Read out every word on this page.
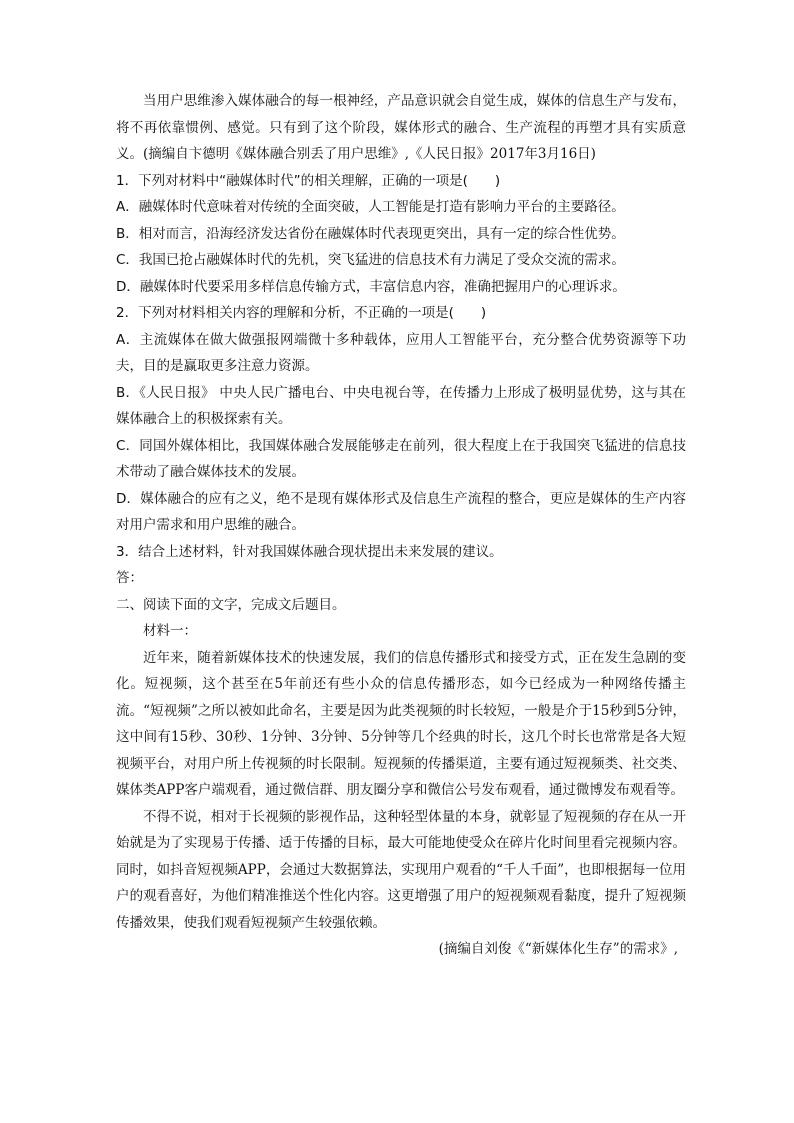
当用户思维渗入媒体融合的每一根神经，产品意识就会自觉生成，媒体的信息生产与发布，将不再依靠惯例、感觉。只有到了这个阶段，媒体形式的融合、生产流程的再塑才具有实质意义。(摘编自卞德明《媒体融合别丢了用户思维》,《人民日报》2017年3月16日)

1．下列对材料中“融媒体时代”的相关理解，正确的一项是(　　)

A．融媒体时代意味着对传统的全面突破，人工智能是打造有影响力平台的主要路径。

B．相对而言，沿海经济发达省份在融媒体时代表现更突出，具有一定的综合性优势。

C．我国已抢占融媒体时代的先机，突飞猛进的信息技术有力满足了受众交流的需求。

D．融媒体时代要采用多样信息传输方式，丰富信息内容，准确把握用户的心理诉求。

2．下列对材料相关内容的理解和分析，不正确的一项是(　　)

A．主流媒体在做大做强报网端微十多种载体，应用人工智能平台，充分整合优势资源等下功夫，目的是赢取更多注意力资源。

B．《人民日报》 中央人民广播电台、中央电视台等，在传播力上形成了极明显优势，这与其在媒体融合上的积极探索有关。

C．同国外媒体相比，我国媒体融合发展能够走在前列，很大程度上在于我国突飞猛进的信息技术带动了融合媒体技术的发展。

D．媒体融合的应有之义，绝不是现有媒体形式及信息生产流程的整合，更应是媒体的生产内容对用户需求和用户思维的融合。

3．结合上述材料，针对我国媒体融合现状提出未来发展的建议。

答：

二、阅读下面的文字，完成文后题目。

材料一：

近年来，随着新媒体技术的快速发展，我们的信息传播形式和接受方式，正在发生急剧的变化。短视频，这个甚至在5年前还有些小众的信息传播形态，如今已经成为一种网络传播主流。“短视频”之所以被如此命名，主要是因为此类视频的时长较短，一般是介于15秒到5分钟，这中间有15秒、30秒、1分钟、3分钟、5分钟等几个经典的时长，这几个时长也常常是各大短视频平台，对用户所上传视频的时长限制。短视频的传播渠道，主要有通过短视频类、社交类、媒体类APP客户端观看，通过微信群、朋友圈分享和微信公号发布观看，通过微博发布观看等。

不得不说，相对于长视频的影视作品，这种轻型体量的本身，就彰显了短视频的存在从一开始就是为了实现易于传播、适于传播的目标，最大可能地使受众在碎片化时间里看完视频内容。同时，如抖音短视频APP，会通过大数据算法，实现用户观看的“千人千面”，也即根据每一位用户的观看喜好，为他们精准推送个性化内容。这更增强了用户的短视频观看黏度，提升了短视频传播效果，使我们观看短视频产生较强依赖。

(摘编自刘俊《“新媒体化生存”的需求》,
